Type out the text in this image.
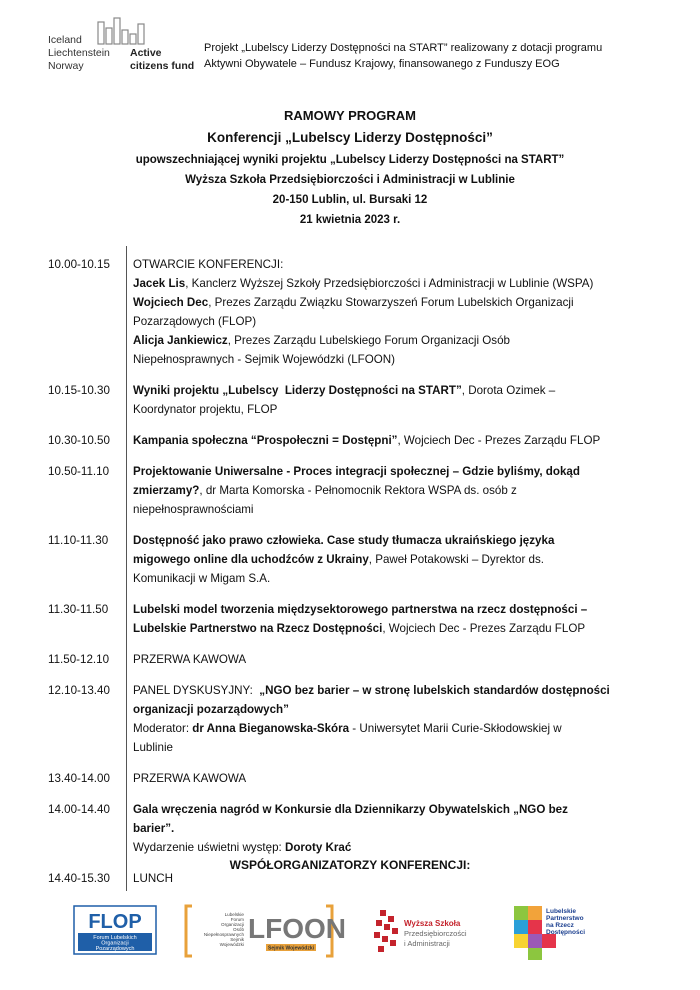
Iceland
Liechtenstein
Norway
Active
citizens fund
Projekt „Lubelscy Liderzy Dostępności na START” realizowany z dotacji programu
Aktywni Obywatele – Fundusz Krajowy, finansowanego z Funduszy EOG
RAMOWY PROGRAM
Konferencji „Lubelscy Liderzy Dostępności”
upowszechniającej wyniki projektu „Lubelscy Liderzy Dostępności na START”
Wyższa Szkoła Przedsiębiorczości i Administracji w Lublinie
20-150 Lublin, ul. Bursaki 12
21 kwietnia 2023 r.
10.00-10.15	OTWARCIE KONFERENCJI:
Jacek Lis, Kanclerz Wyższej Szkoły Przedsiębiorczości i Administracji w Lublinie (WSPA)
Wojciech Dec, Prezes Zarządu Związku Stowarzyszeń Forum Lubelskich Organizacji
Pozarządowych (FLOP)
Alicja Jankiewicz, Prezes Zarządu Lubelskiego Forum Organizacji Osób
Niepełnosprawnych - Sejmik Wojewódzki (LFOON)
10.15-10.30	Wyniki projektu „Lubelscy  Liderzy Dostępności na START”, Dorota Ozimek –
Koordynator projektu, FLOP
10.30-10.50	Kampania społeczna “Prospołeczni = Dostępni”, Wojciech Dec - Prezes Zarządu FLOP
10.50-11.10	Projektowanie Uniwersalne - Proces integracji społecznej – Gdzie byliśmy, dokąd
zmierzamy?, dr Marta Komorska - Pełnomocnik Rektora WSPA ds. osób z
niepełnosprawnościami
11.10-11.30	Dostępność jako prawo człowieka. Case study tłumacza ukraińskiego języka
migowego online dla uchodźców z Ukrainy, Paweł Potakowski – Dyrektor ds.
Komunikacji w Migam S.A.
11.30-11.50	Lubelski model tworzenia międzysektorowego partnerstwa na rzecz dostępności –
Lubelskie Partnerstwo na Rzecz Dostępności, Wojciech Dec - Prezes Zarządu FLOP
11.50-12.10	PRZERWA KAWOWA
12.10-13.40	PANEL DYSKUSYJNY:  „NGO bez barier – w stronę lubelskich standardów dostępności
organizacji pozarządowych”
Moderator: dr Anna Bieganowska-Skóra - Uniwersytet Marii Curie-Skłodowskiej w
Lublinie
13.40-14.00	PRZERWA KAWOWA
14.00-14.40	Gala wręczenia nagród w Konkursie dla Dziennikarzy Obywatelskich „NGO bez
barier”.
Wydarzenie uświetni występ: Doroty Krać
14.40-15.30	LUNCH
WSPÓŁORGANIZATORZY KONFERENCJI:
FLOP
Forum Lubelskich
Organizacji
Pozarządowych
Lubelskie
Forum
Organizacji
Osób
Niepełnosprawnych
Sejmik
Wojewódzki
LFOON
Sejmik Wojewódzki
Wyższa Szkoła
Przedsiębiorczości
i Administracji
Lubelskie
Partnerstwo
na Rzecz
Dostępności
